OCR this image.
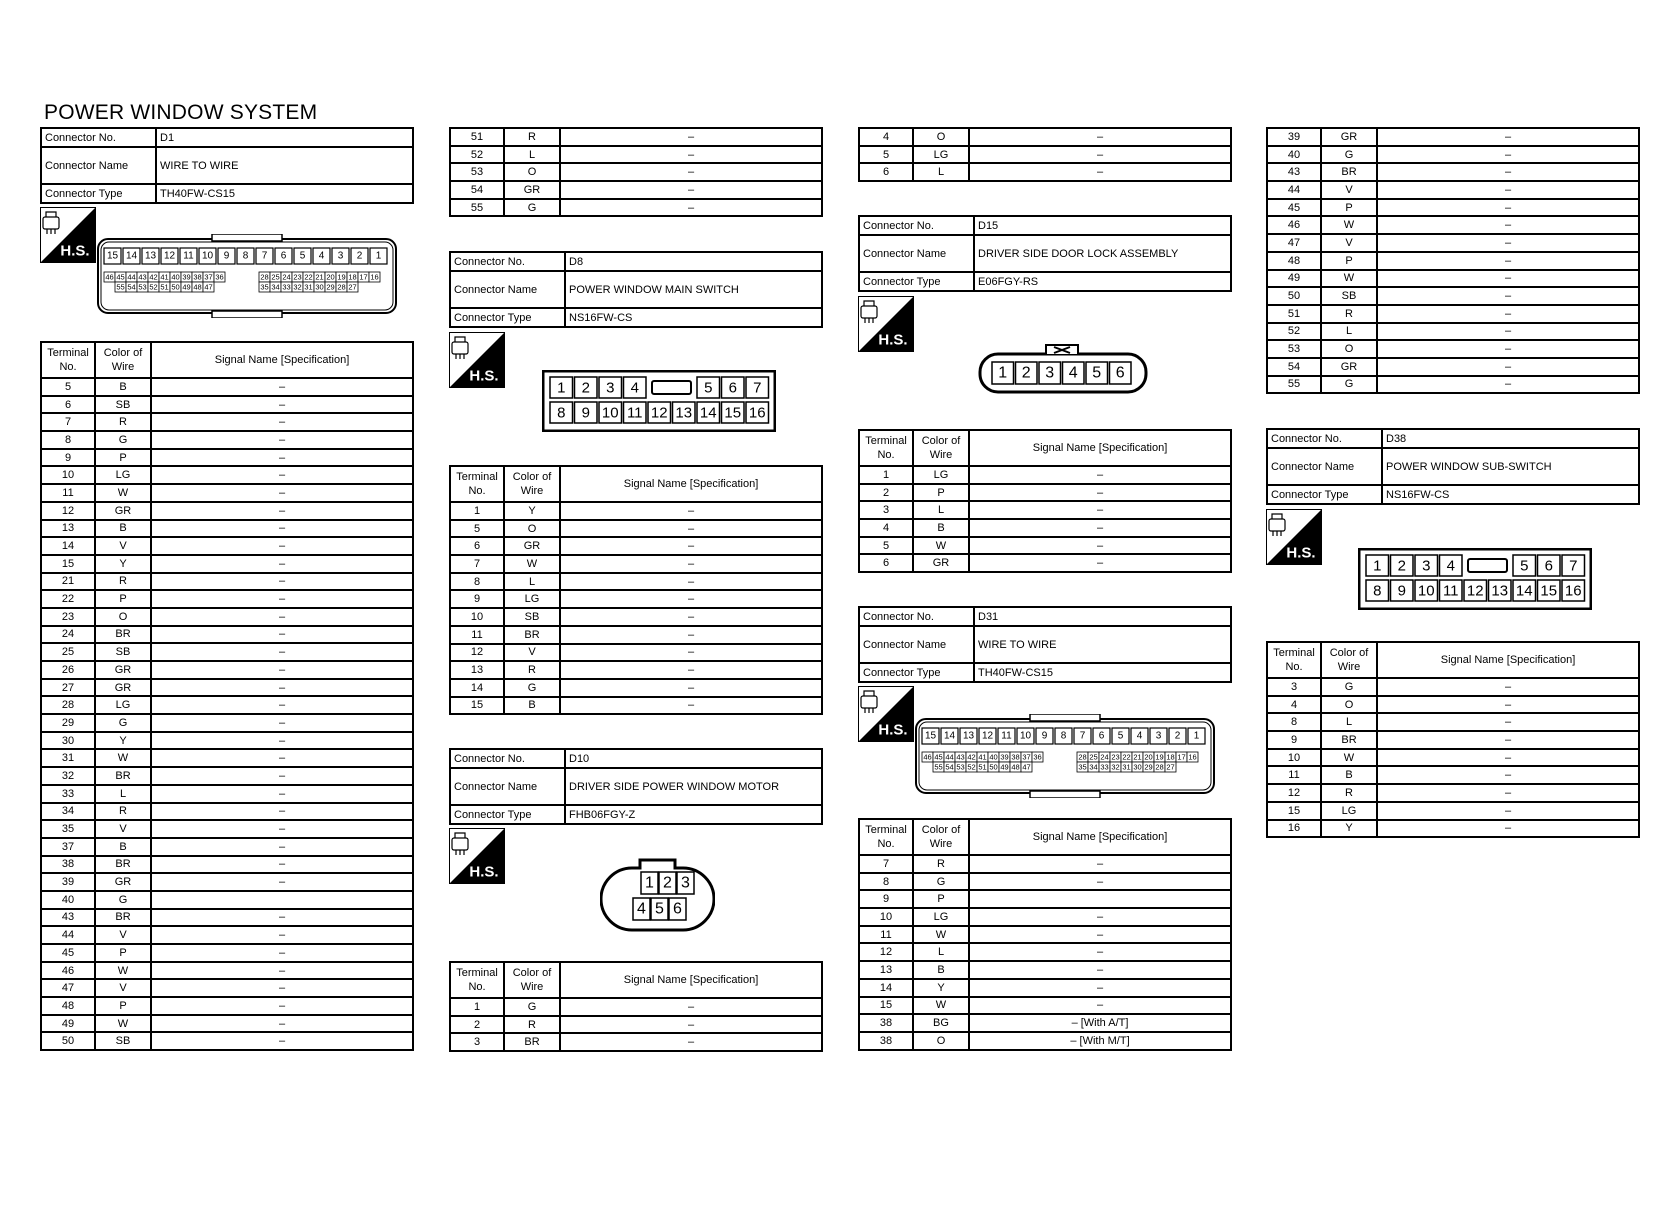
POWER WINDOW SYSTEM
Connector No.	D1
Connector Name	WIRE TO WIRE
Connector Type	TH40FW-CS15
H.S. 15 14 13 12 11 10 9 8 7 6 5 4 3 2 1
46 45 44 43 42 41 40 39 38 37 36	28 25 24 23 22 21 20 19 18 17 16
55 54 53 52 51 50 49 48 47	35 34 33 32 31 30 29 28 27
Terminal No.	Color of Wire	Signal Name [Specification]
5	B	–
6	SB	–
7	R	–
8	G	–
9	P	–
10	LG	–
11	W	–
12	GR	–
13	B	–
14	V	–
15	Y	–
21	R	–
22	P	–
23	O	–
24	BR	–
25	SB	–
26	GR	–
27	GR	–
28	LG	–
29	G	–
30	Y	–
31	W	–
32	BR	–
33	L	–
34	R	–
35	V	–
37	B	–
38	BR	–
39	GR	–
40	G	
43	BR	–
44	V	–
45	P	–
46	W	–
47	V	–
48	P	–
49	W	–
50	SB	–
51	R	–
52	L	–
53	O	–
54	GR	–
55	G	–
Connector No.	D8
Connector Name	POWER WINDOW MAIN SWITCH
Connector Type	NS16FW-CS
H.S.
1 2 3 4	5 6 7
8 9 10 11 12 13 14 15 16
Terminal No.	Color of Wire	Signal Name [Specification]
1	Y	–
5	O	–
6	GR	–
7	W	–
8	L	–
9	LG	–
10	SB	–
11	BR	–
12	V	–
13	R	–
14	G	–
15	B	–
Connector No.	D10
Connector Name	DRIVER SIDE POWER WINDOW MOTOR
Connector Type	FHB06FGY-Z
H.S.
1 2 3
4 5 6
Terminal No.	Color of Wire	Signal Name [Specification]
1	G	–
2	R	–
3	BR	–
4	O	–
5	LG	–
6	L	–
Connector No.	D15
Connector Name	DRIVER SIDE DOOR LOCK ASSEMBLY
Connector Type	E06FGY-RS
H.S.
1 2 3 4 5 6
Terminal No.	Color of Wire	Signal Name [Specification]
1	LG	–
2	P	–
3	L	–
4	B	–
5	W	–
6	GR	–
Connector No.	D31
Connector Name	WIRE TO WIRE
Connector Type	TH40FW-CS15
H.S. 15 14 13 12 11 10 9 8 7 6 5 4 3 2 1
46 45 44 43 42 41 40 39 38 37 36	28 25 24 23 22 21 20 19 18 17 16
55 54 53 52 51 50 49 48 47	35 34 33 32 31 30 29 28 27
Terminal No.	Color of Wire	Signal Name [Specification]
7	R	–
8	G	–
9	P	
10	LG	–
11	W	–
12	L	–
13	B	–
14	Y	–
15	W	–
38	BG	– [With A/T]
38	O	– [With M/T]
39	GR	–
40	G	–
43	BR	–
44	V	–
45	P	–
46	W	–
47	V	–
48	P	–
49	W	–
50	SB	–
51	R	–
52	L	–
53	O	–
54	GR	–
55	G	–
Connector No.	D38
Connector Name	POWER WINDOW SUB-SWITCH
Connector Type	NS16FW-CS
H.S.
1 2 3 4	5 6 7
8 9 10 11 12 13 14 15 16
Terminal No.	Color of Wire	Signal Name [Specification]
3	G	–
4	O	–
8	L	–
9	BR	–
10	W	–
11	B	–
12	R	–
15	LG	–
16	Y	–
